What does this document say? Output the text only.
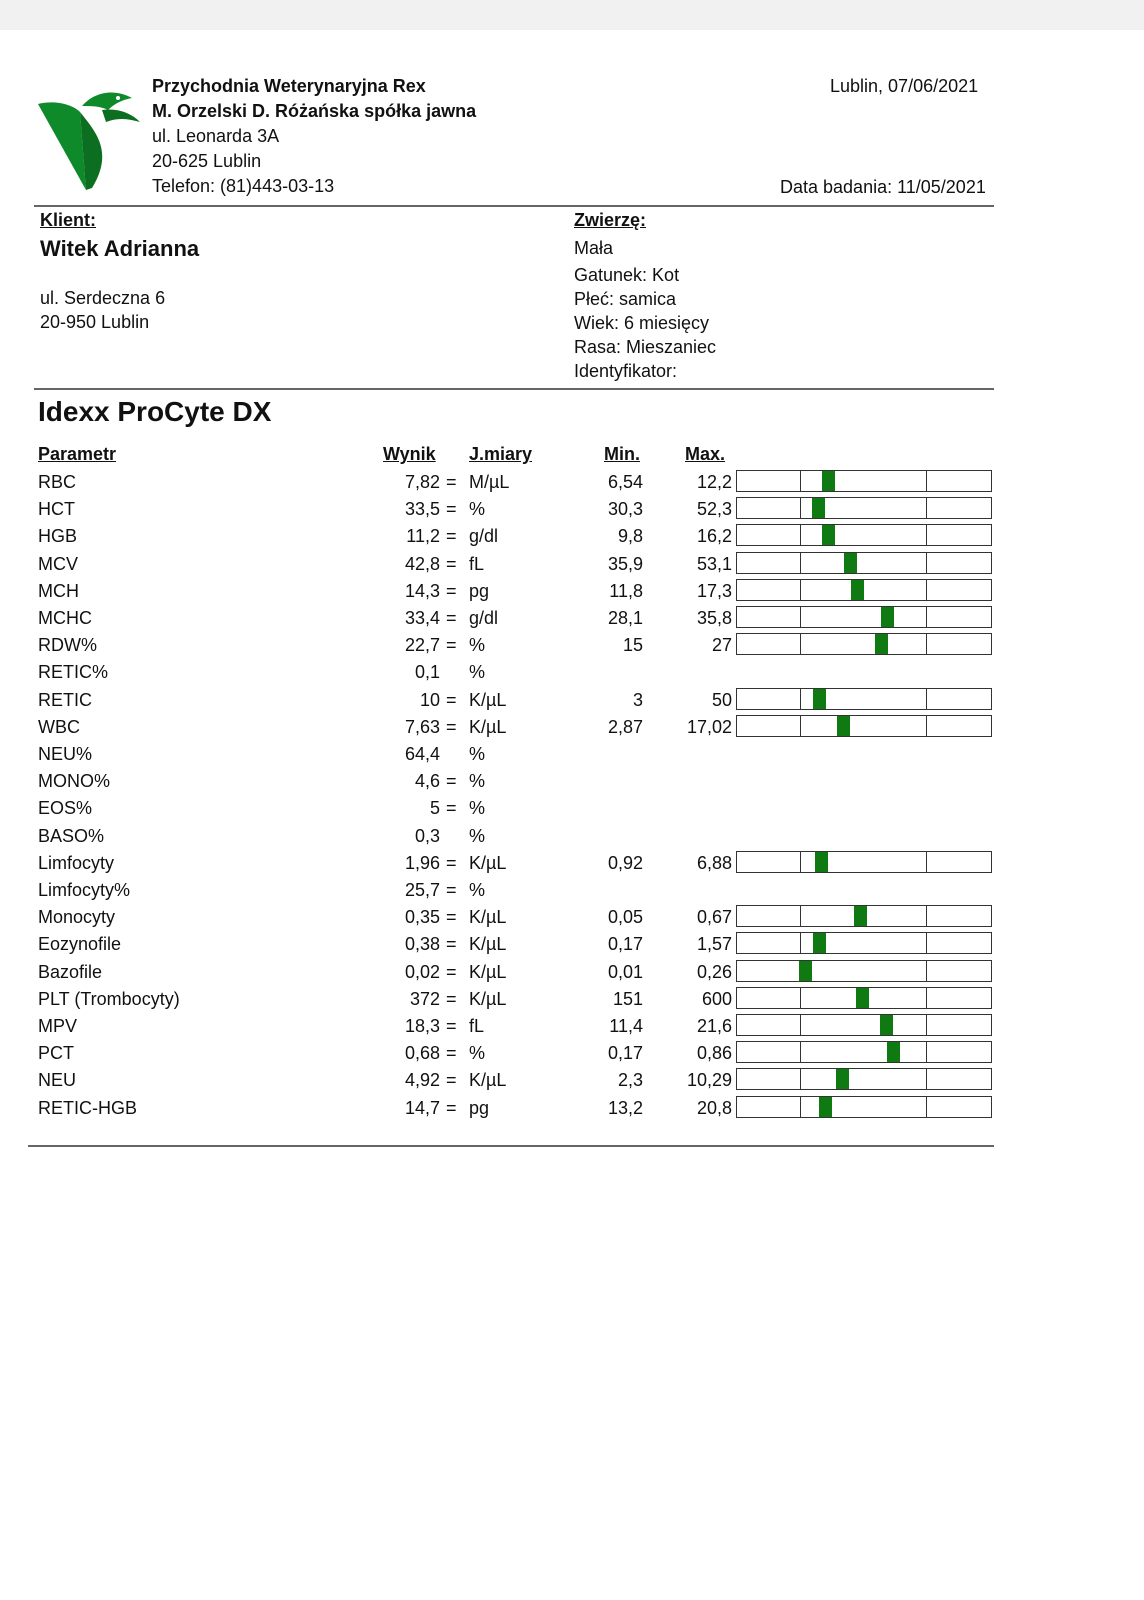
Przychodnia Weterynaryjna Rex
M. Orzelski D. Różańska spółka jawna
ul. Leonarda 3A
20-625 Lublin
Telefon: (81)443-03-13
Lublin, 07/06/2021
Data badania: 11/05/2021
Klient:
Witek Adrianna
ul. Serdeczna 6
20-950 Lublin
Zwierzę:
Mała
Gatunek: Kot
Płeć: samica
Wiek: 6 miesięcy
Rasa: Mieszaniec
Identyfikator:
Idexx ProCyte DX
Parametr	Wynik J.miary	Min.	Max.
RBC	7,82 = M/µL	6,54	12,2
HCT	33,5 = %	30,3	52,3
HGB	11,2 = g/dl	9,8	16,2
MCV	42,8 = fL	35,9	53,1
MCH	14,3 = pg	11,8	17,3
MCHC	33,4 = g/dl	28,1	35,8
RDW%	22,7 = %	15	27
RETIC%	0,1 %
RETIC	10 = K/µL	3	50
WBC	7,63 = K/µL	2,87	17,02
NEU%	64,4 %
MONO%	4,6 = %
EOS%	5 = %
BASO%	0,3 %
Limfocyty	1,96 = K/µL	0,92	6,88
Limfocyty%	25,7 = %
Monocyty	0,35 = K/µL	0,05	0,67
Eozynofile	0,38 = K/µL	0,17	1,57
Bazofile	0,02 = K/µL	0,01	0,26
PLT (Trombocyty)	372 = K/µL	151	600
MPV	18,3 = fL	11,4	21,6
PCT	0,68 = %	0,17	0,86
NEU	4,92 = K/µL	2,3	10,29
RETIC-HGB	14,7 = pg	13,2	20,8
